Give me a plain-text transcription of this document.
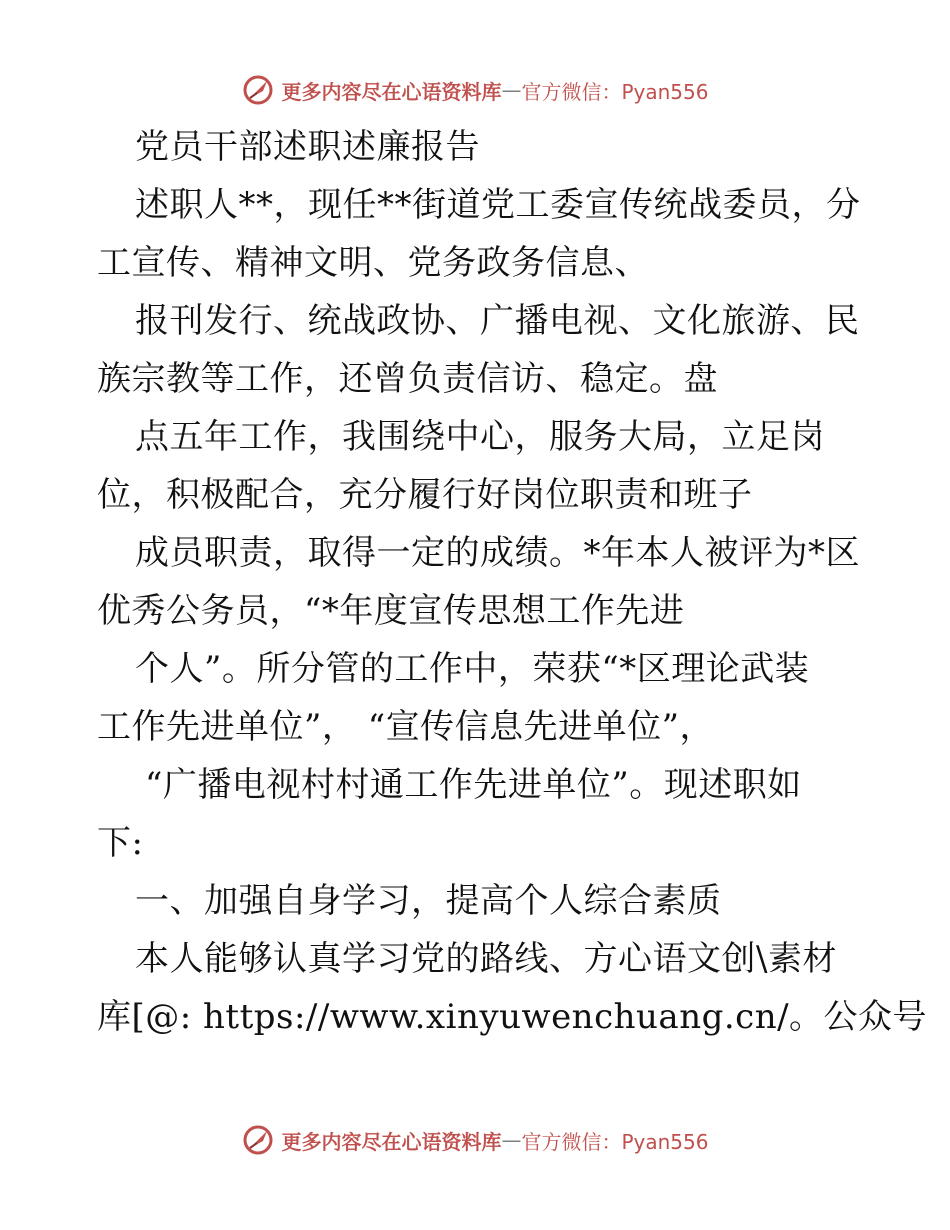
更多内容尽在心语资料库 — 官方微信：Pyan556
党员干部述职述廉报告
述职人**，现任**街道党工委宣传统战委员，分
工宣传、精神文明、党务政务信息、
报刊发行、统战政协、广播电视、文化旅游、民
族宗教等工作，还曾负责信访、稳定。盘
点五年工作，我围绕中心，服务大局，立足岗
位，积极配合，充分履行好岗位职责和班子
成员职责，取得一定的成绩。*年本人被评为*区
优秀公务员，“*年度宣传思想工作先进
个人”。所分管的工作中，荣获“*区理论武装
工作先进单位”， “宣传信息先进单位”，
“广播电视村村通工作先进单位”。现述职如
下:
一、加强自身学习，提高个人综合素质
本人能够认真学习党的路线、方心语文创\素材
库[@: https://www.xinyuwenchuang.cn/。公众号
更多内容尽在心语资料库 — 官方微信：Pyan556
